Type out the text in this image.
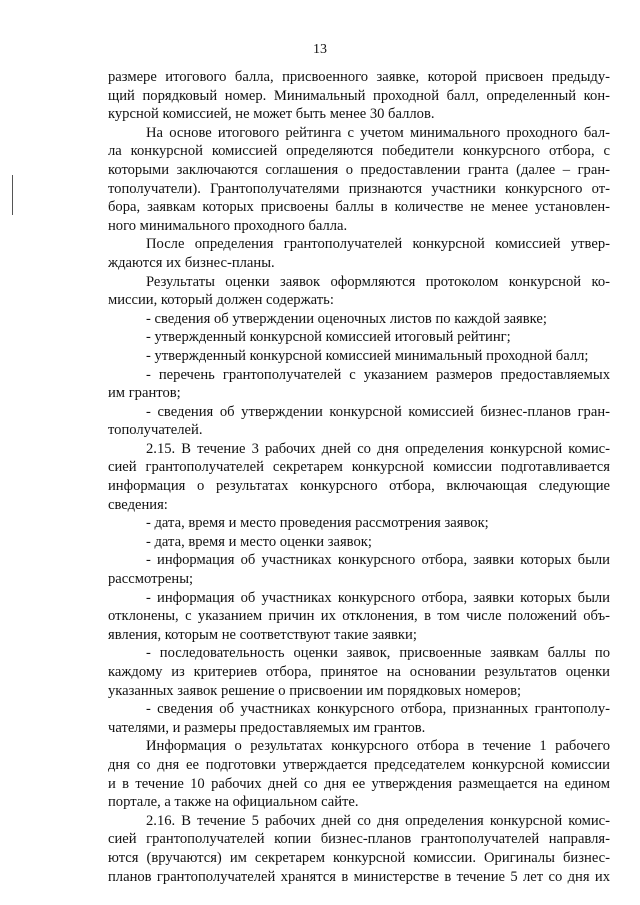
13
размере итогового балла, присвоенного заявке, которой присвоен предыду-
щий порядковый номер. Минимальный проходной балл, определенный кон-
курсной комиссией, не может быть менее 30 баллов.
На основе итогового рейтинга с учетом минимального проходного бал-
ла конкурсной комиссией определяются победители конкурсного отбора, с
которыми заключаются соглашения о предоставлении гранта (далее – гран-
тополучатели). Грантополучателями признаются участники конкурсного от-
бора, заявкам которых присвоены баллы в количестве не менее установлен-
ного минимального проходного балла.
После определения грантополучателей конкурсной комиссией утвер-
ждаются их бизнес-планы.
Результаты оценки заявок оформляются протоколом конкурсной ко-
миссии, который должен содержать:
- сведения об утверждении оценочных листов по каждой заявке;
- утвержденный конкурсной комиссией итоговый рейтинг;
- утвержденный конкурсной комиссией минимальный проходной балл;
- перечень грантополучателей с указанием размеров предоставляемых
им грантов;
- сведения об утверждении конкурсной комиссией бизнес-планов гран-
тополучателей.
2.15. В течение 3 рабочих дней со дня определения конкурсной комис-
сией грантополучателей секретарем конкурсной комиссии подготавливается
информация о результатах конкурсного отбора, включающая следующие
сведения:
- дата, время и место проведения рассмотрения заявок;
- дата, время и место оценки заявок;
- информация об участниках конкурсного отбора, заявки которых были
рассмотрены;
- информация об участниках конкурсного отбора, заявки которых были
отклонены, с указанием причин их отклонения, в том числе положений объ-
явления, которым не соответствуют такие заявки;
- последовательность оценки заявок, присвоенные заявкам баллы по
каждому из критериев отбора, принятое на основании результатов оценки
указанных заявок решение о присвоении им порядковых номеров;
- сведения об участниках конкурсного отбора, признанных грантополу-
чателями, и размеры предоставляемых им грантов.
Информация о результатах конкурсного отбора в течение 1 рабочего
дня со дня ее подготовки утверждается председателем конкурсной комиссии
и в течение 10 рабочих дней со дня ее утверждения размещается на едином
портале, а также на официальном сайте.
2.16. В течение 5 рабочих дней со дня определения конкурсной комис-
сией грантополучателей копии бизнес-планов грантополучателей направля-
ются (вручаются) им секретарем конкурсной комиссии. Оригиналы бизнес-
планов грантополучателей хранятся в министерстве в течение 5 лет со дня их
